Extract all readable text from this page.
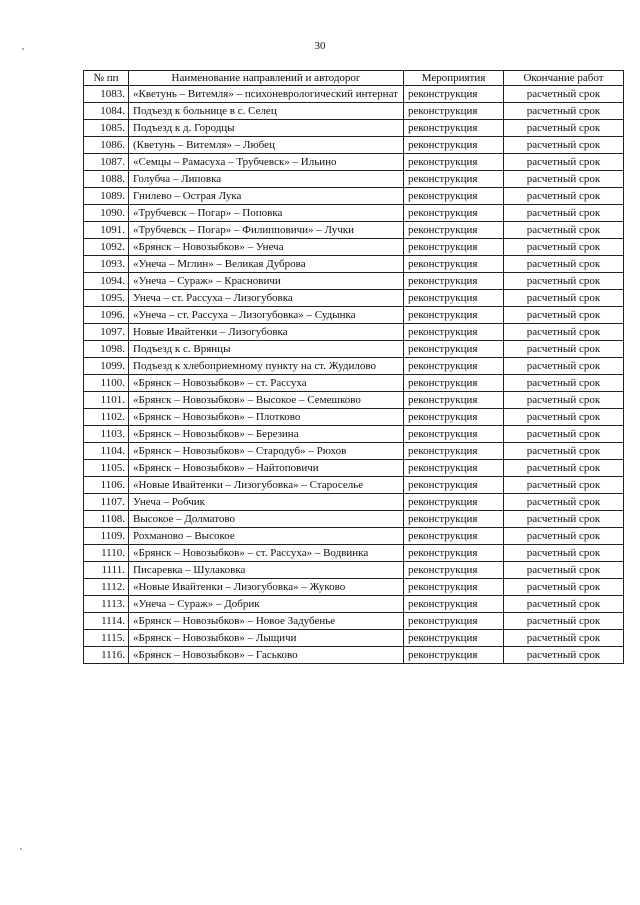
30
№ пп	Наименование направлений и автодорог	Мероприятия	Окончание работ
1083.	«Кветунь – Витемля» – психоневрологический интернат	реконструкция	расчетный срок
1084.	Подъезд к больнице в с. Селец	реконструкция	расчетный срок
1085.	Подъезд к д. Городцы	реконструкция	расчетный срок
1086.	(Кветунь – Витемля» – Любец	реконструкция	расчетный срок
1087.	«Семцы – Рамасуха – Трубчевск» – Ильино	реконструкция	расчетный срок
1088.	Голубча – Липовка	реконструкция	расчетный срок
1089.	Гнилево – Острая Лука	реконструкция	расчетный срок
1090.	«Трубчевск – Погар» – Поповка	реконструкция	расчетный срок
1091.	«Трубчевск – Погар» – Филипповичи» – Лучки	реконструкция	расчетный срок
1092.	«Брянск – Новозыбков» – Унеча	реконструкция	расчетный срок
1093.	«Унеча – Мглин» – Великая Дуброва	реконструкция	расчетный срок
1094.	«Унеча – Сураж» – Красновичи	реконструкция	расчетный срок
1095.	Унеча – ст. Рассуха – Лизогубовка	реконструкция	расчетный срок
1096.	«Унеча – ст. Рассуха – Лизогубовка» – Судынка	реконструкция	расчетный срок
1097.	Новые Ивайтенки – Лизогубовка	реконструкция	расчетный срок
1098.	Подъезд к с. Врянцы	реконструкция	расчетный срок
1099.	Подъезд к хлебоприемному пункту на ст. Жудилово	реконструкция	расчетный срок
1100.	«Брянск – Новозыбков» – ст. Рассуха	реконструкция	расчетный срок
1101.	«Брянск – Новозыбков» – Высокое – Семешково	реконструкция	расчетный срок
1102.	«Брянск – Новозыбков» – Плотково	реконструкция	расчетный срок
1103.	«Брянск – Новозыбков» – Березина	реконструкция	расчетный срок
1104.	«Брянск – Новозыбков» – Стародуб» – Рюхов	реконструкция	расчетный срок
1105.	«Брянск – Новозыбков» – Найтоповичи	реконструкция	расчетный срок
1106.	«Новые Ивайтенки – Лизогубовка» – Староселье	реконструкция	расчетный срок
1107.	Унеча – Робчик	реконструкция	расчетный срок
1108.	Высокое – Долматово	реконструкция	расчетный срок
1109.	Рохманово – Высокое	реконструкция	расчетный срок
1110.	«Брянск – Новозыбков» – ст. Рассуха» – Водвинка	реконструкция	расчетный срок
1111.	Писаревка – Шулаковка	реконструкция	расчетный срок
1112.	«Новые Ивайтенки – Лизогубовка» – Жуково	реконструкция	расчетный срок
1113.	«Унеча – Сураж» – Добрик	реконструкция	расчетный срок
1114.	«Брянск – Новозыбков» – Новое Задубенье	реконструкция	расчетный срок
1115.	«Брянск – Новозыбков» – Лыщичи	реконструкция	расчетный срок
1116.	«Брянск – Новозыбков» – Гаськово	реконструкция	расчетный срок
